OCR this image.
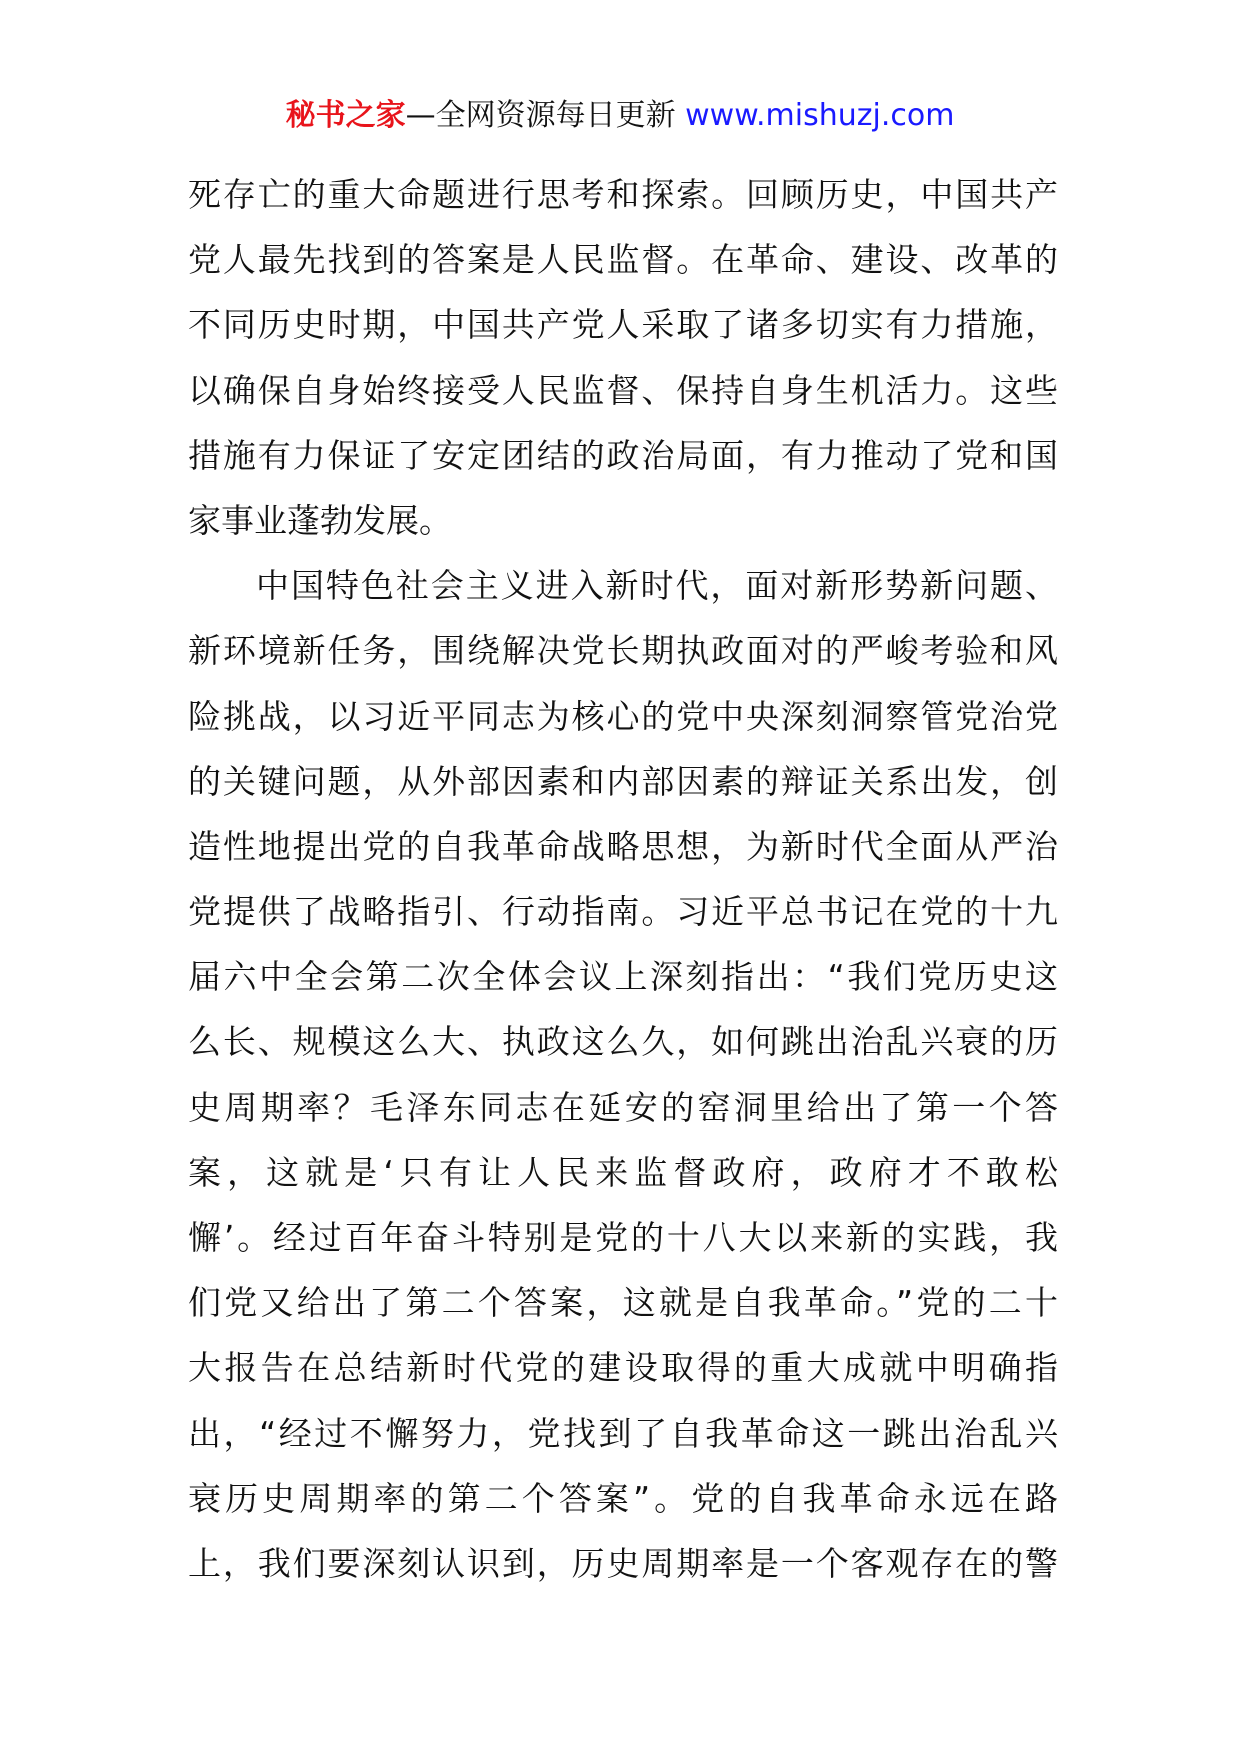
秘书之家—全网资源每日更新 www.mishuzj.com
死存亡的重大命题进行思考和探索。回顾历史，中国共产
党人最先找到的答案是人民监督。在革命、建设、改革的
不同历史时期，中国共产党人采取了诸多切实有力措施，
以确保自身始终接受人民监督、保持自身生机活力。这些
措施有力保证了安定团结的政治局面，有力推动了党和国
家事业蓬勃发展。
中国特色社会主义进入新时代，面对新形势新问题、
新环境新任务，围绕解决党长期执政面对的严峻考验和风
险挑战，以习近平同志为核心的党中央深刻洞察管党治党
的关键问题，从外部因素和内部因素的辩证关系出发，创
造性地提出党的自我革命战略思想，为新时代全面从严治
党提供了战略指引、行动指南。习近平总书记在党的十九
届六中全会第二次全体会议上深刻指出：“我们党历史这
么长、规模这么大、执政这么久，如何跳出治乱兴衰的历
史周期率？毛泽东同志在延安的窑洞里给出了第一个答
案，这就是‘只有让人民来监督政府，政府才不敢松
懈’。经过百年奋斗特别是党的十八大以来新的实践，我
们党又给出了第二个答案，这就是自我革命。”党的二十
大报告在总结新时代党的建设取得的重大成就中明确指
出，“经过不懈努力，党找到了自我革命这一跳出治乱兴
衰历史周期率的第二个答案”。党的自我革命永远在路
上，我们要深刻认识到，历史周期率是一个客观存在的警
